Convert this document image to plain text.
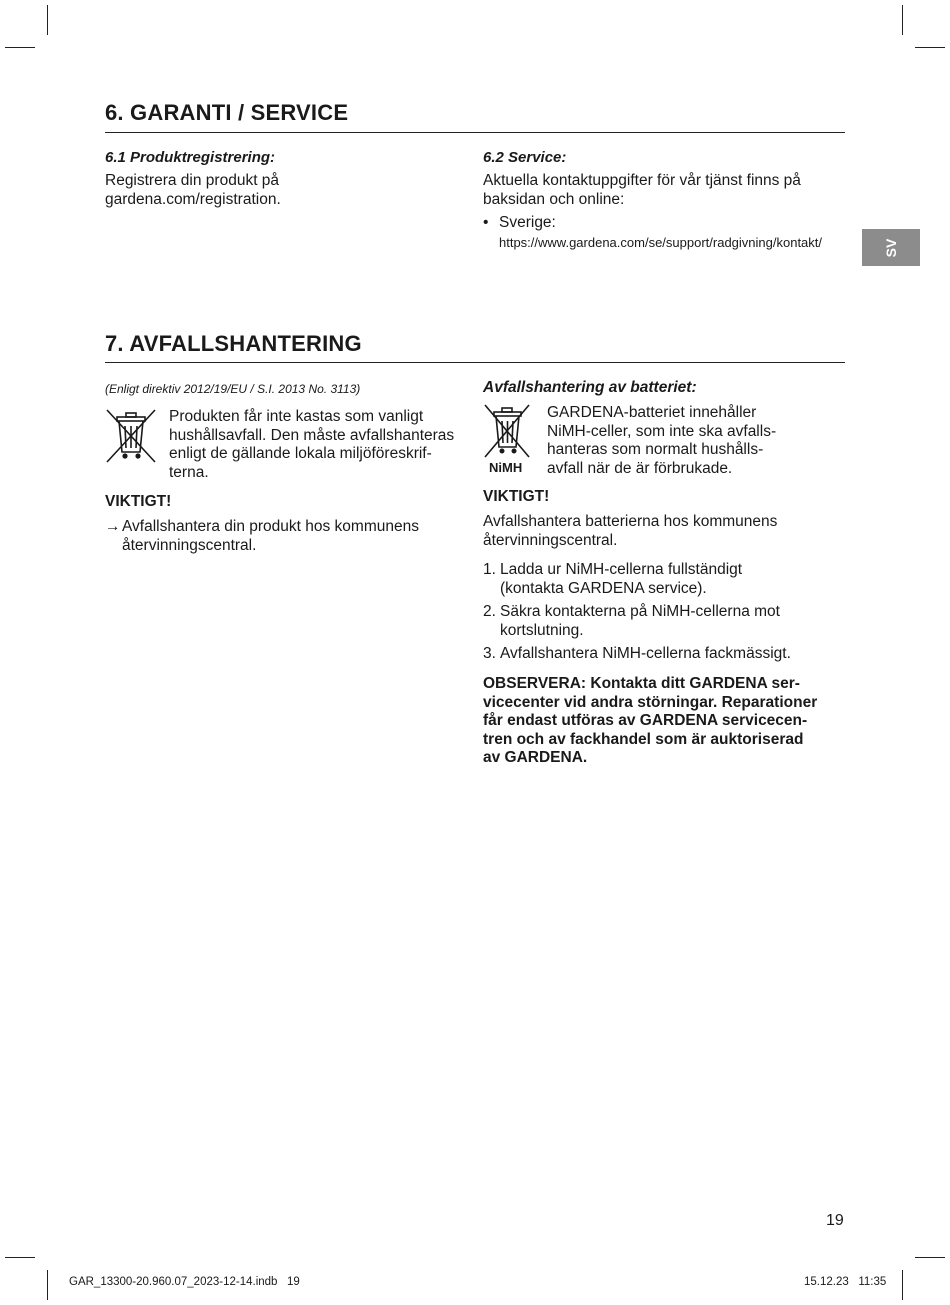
SV
6. GARANTI / SERVICE
6.1 Produktregistrering:
Registrera din produkt på
gardena.com/registration.
6.2 Service:
Aktuella kontaktuppgifter för vår tjänst finns på
baksidan och online:
• Sverige:
https://www.gardena.com/se/support/radgivning/kontakt/
7. AVFALLSHANTERING
(Enligt direktiv 2012/19/EU / S.I. 2013 No. 3113)
Produkten får inte kastas som vanligt
hushållsavfall. Den måste avfallshanteras
enligt de gällande lokala miljöföreskrif-
terna.
VIKTIGT!
→ Avfallshantera din produkt hos kommunens
återvinningscentral.
Avfallshantering av batteriet:
NiMH
GARDENA-batteriet innehåller
NiMH-celler, som inte ska avfalls-
hanteras som normalt hushålls-
avfall när de är förbrukade.
VIKTIGT!
Avfallshantera batterierna hos kommunens
återvinningscentral.
1. Ladda ur NiMH-cellerna fullständigt
(kontakta GARDENA service).
2. Säkra kontakterna på NiMH-cellerna mot
kortslutning.
3. Avfallshantera NiMH-cellerna fackmässigt.
OBSERVERA: Kontakta ditt GARDENA ser-
vicecenter vid andra störningar. Reparationer
får endast utföras av GARDENA servicecen-
tren och av fackhandel som är auktoriserad
av GARDENA.
19
GAR_13300-20.960.07_2023-12-14.indb   19	15.12.23   11:35
